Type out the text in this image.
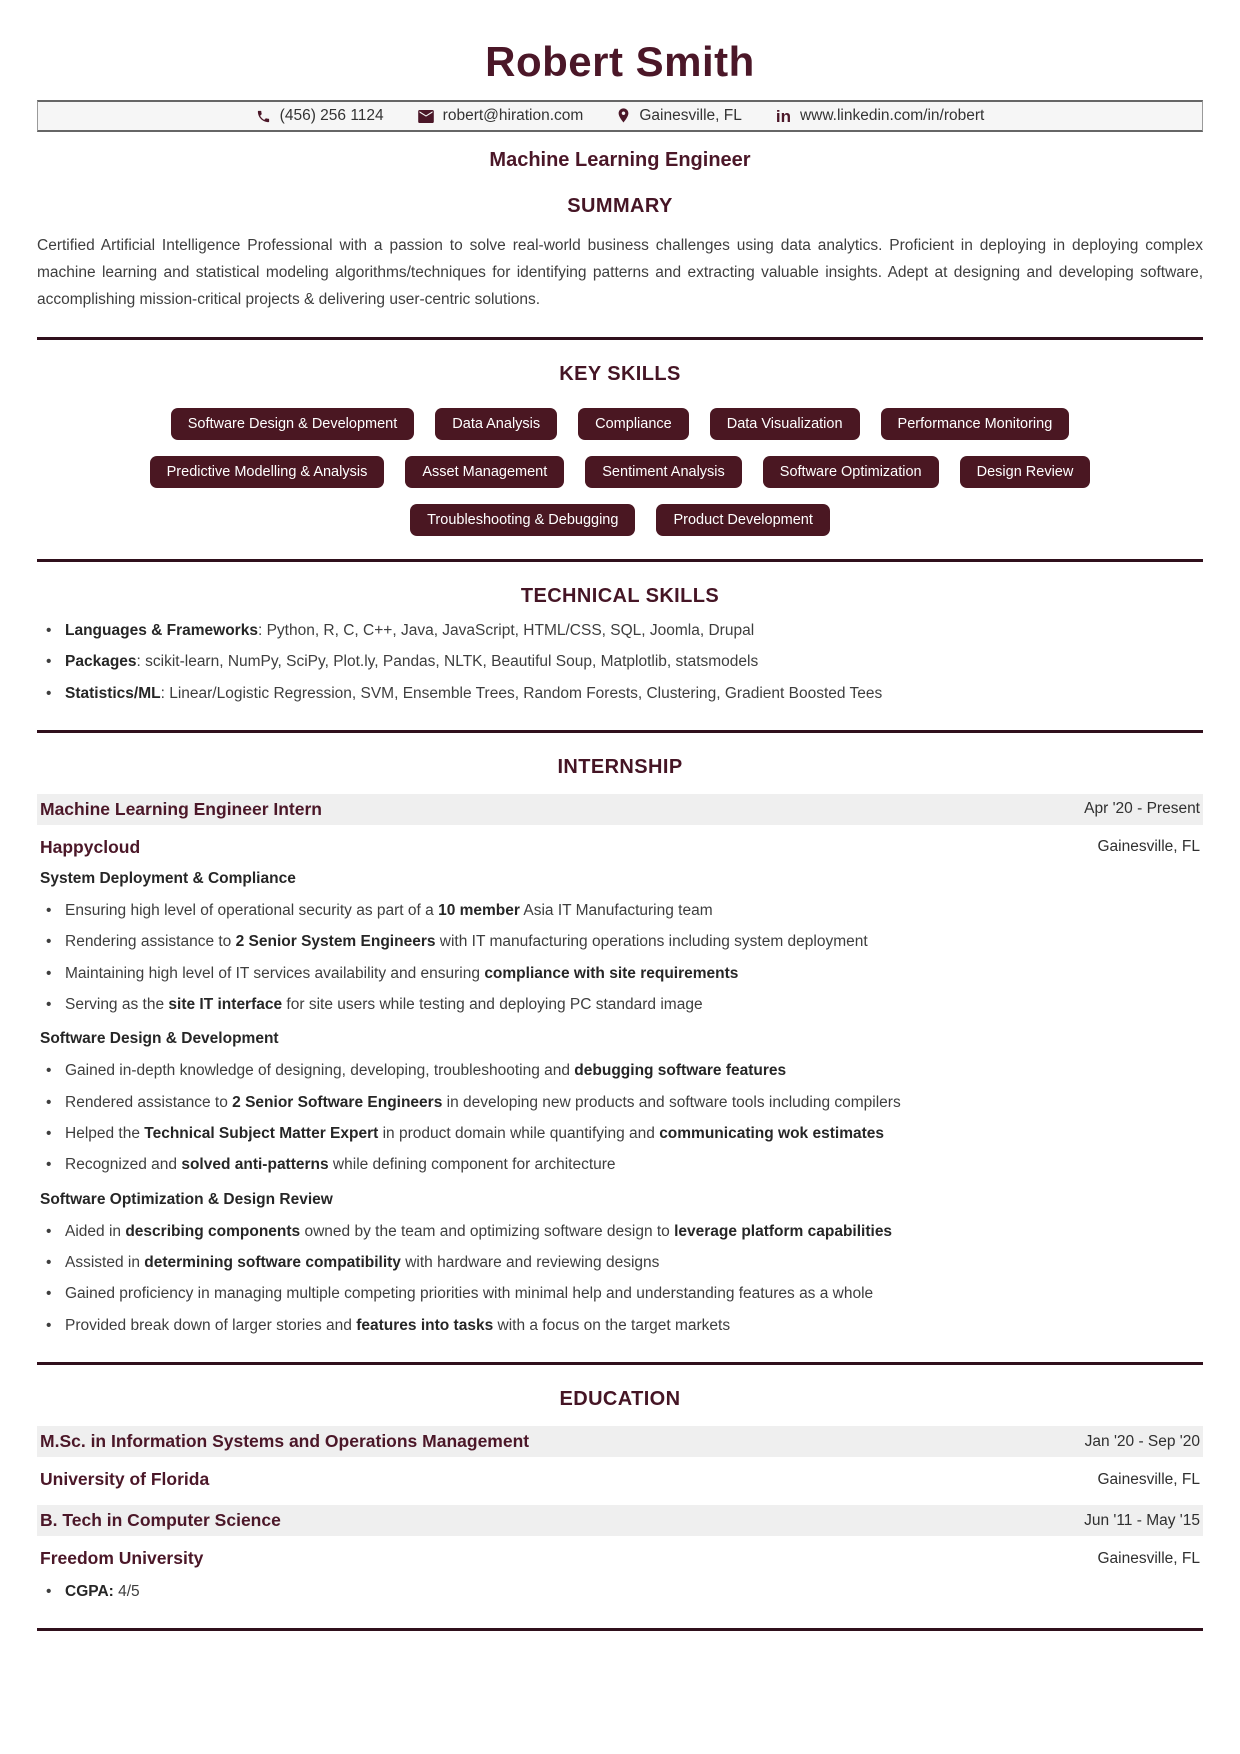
Robert Smith
(456) 256 1124	robert@hiration.com	Gainesville, FL in www.linkedin.com/in/robert
Machine Learning Engineer
SUMMARY
Certified Artificial Intelligence Professional with a passion to solve real-world business challenges using data analytics. Proficient in deploying in deploying complex machine learning and statistical modeling algorithms/techniques for identifying patterns and extracting valuable insights. Adept at designing and developing software, accomplishing mission-critical projects & delivering user-centric solutions.
KEY SKILLS
Software Design & Development	Data Analysis	Compliance	Data Visualization	Performance Monitoring
Predictive Modelling & Analysis	Asset Management	Sentiment Analysis	Software Optimization	Design Review
Troubleshooting & Debugging	Product Development
TECHNICAL SKILLS
• Languages & Frameworks: Python, R, C, C++, Java, JavaScript, HTML/CSS, SQL, Joomla, Drupal
• Packages: scikit-learn, NumPy, SciPy, Plot.ly, Pandas, NLTK, Beautiful Soup, Matplotlib, statsmodels
• Statistics/ML: Linear/Logistic Regression, SVM, Ensemble Trees, Random Forests, Clustering, Gradient Boosted Tees
INTERNSHIP
Machine Learning Engineer Intern	Apr '20 - Present
Happycloud	Gainesville, FL
System Deployment & Compliance
• Ensuring high level of operational security as part of a 10 member Asia IT Manufacturing team
• Rendering assistance to 2 Senior System Engineers with IT manufacturing operations including system deployment
• Maintaining high level of IT services availability and ensuring compliance with site requirements
• Serving as the site IT interface for site users while testing and deploying PC standard image
Software Design & Development
• Gained in-depth knowledge of designing, developing, troubleshooting and debugging software features
• Rendered assistance to 2 Senior Software Engineers in developing new products and software tools including compilers
• Helped the Technical Subject Matter Expert in product domain while quantifying and communicating wok estimates
• Recognized and solved anti-patterns while defining component for architecture
Software Optimization & Design Review
• Aided in describing components owned by the team and optimizing software design to leverage platform capabilities
• Assisted in determining software compatibility with hardware and reviewing designs
• Gained proficiency in managing multiple competing priorities with minimal help and understanding features as a whole
• Provided break down of larger stories and features into tasks with a focus on the target markets
EDUCATION
M.Sc. in Information Systems and Operations Management	Jan '20 - Sep '20
University of Florida	Gainesville, FL
B. Tech in Computer Science	Jun '11 - May '15
Freedom University	Gainesville, FL
• CGPA: 4/5
